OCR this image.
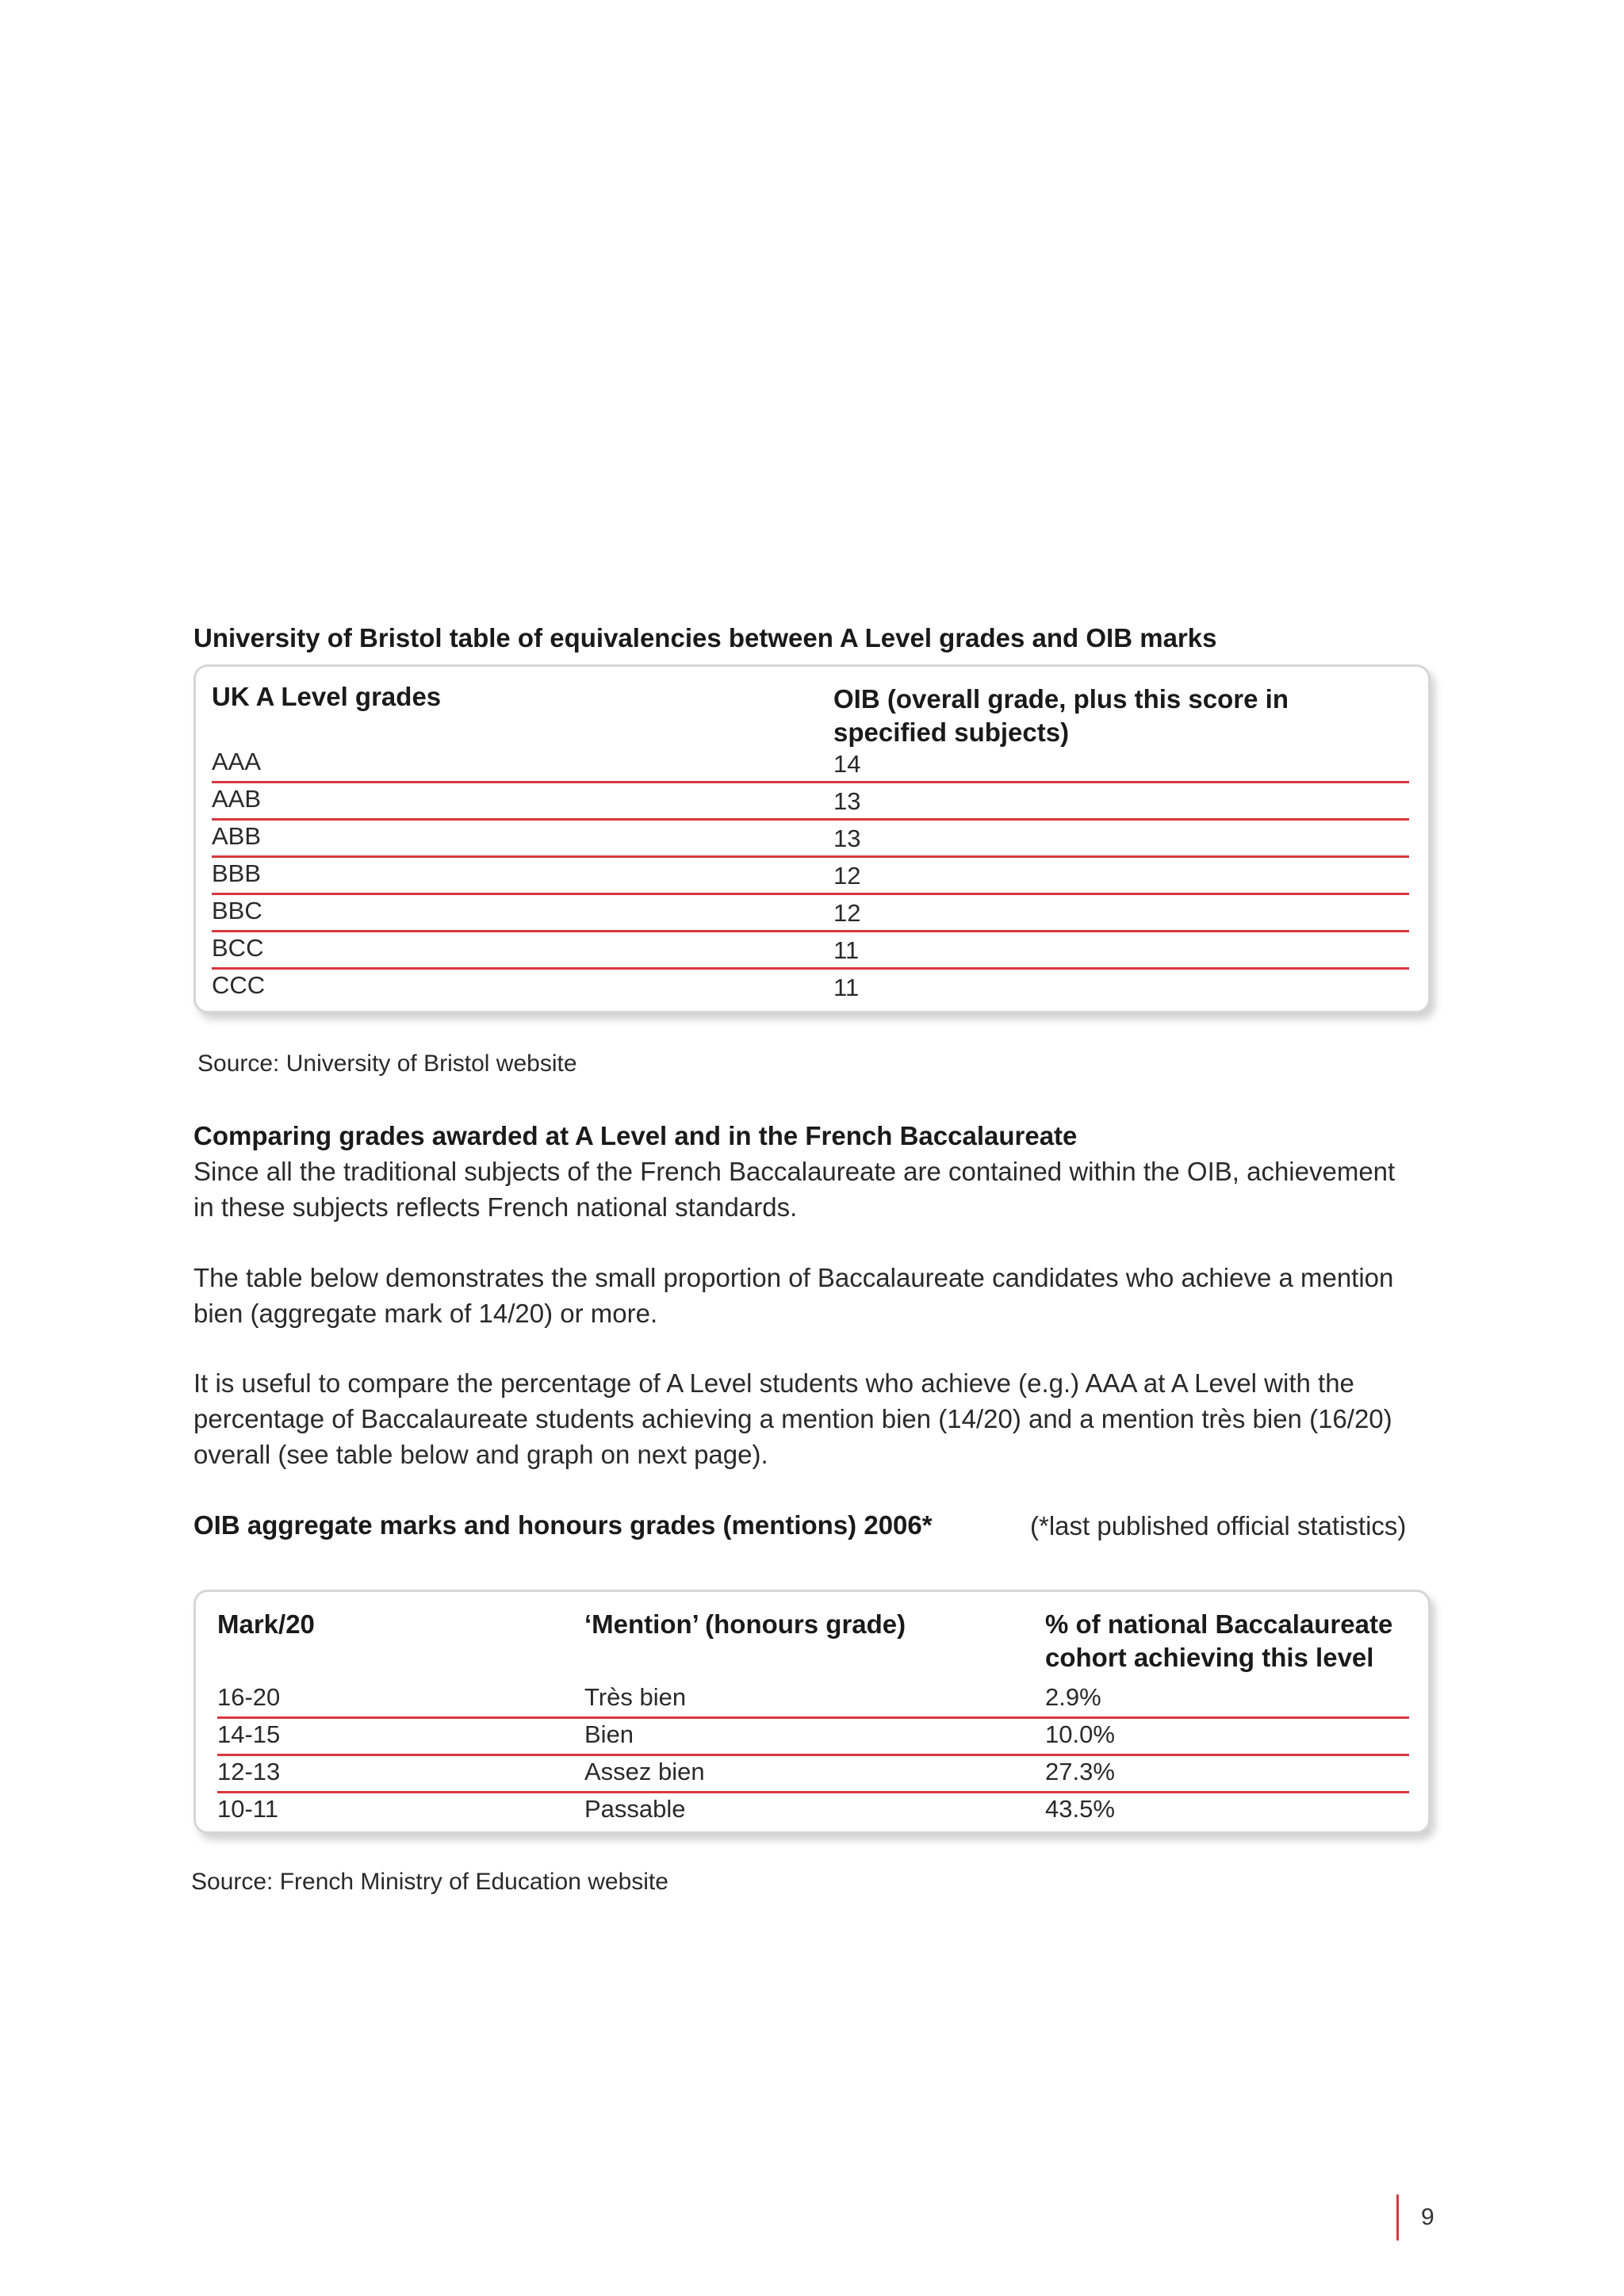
University of Bristol table of equivalencies between A Level grades and OIB marks
UK A Level grades	OIB (overall grade, plus this score in specified subjects)
AAA	14
AAB	13
ABB	13
BBB	12
BBC	12
BCC	11
CCC	11
Source: University of Bristol website
Comparing grades awarded at A Level and in the French Baccalaureate
Since all the traditional subjects of the French Baccalaureate are contained within the OIB, achievement in these subjects reflects French national standards.
The table below demonstrates the small proportion of Baccalaureate candidates who achieve a mention bien (aggregate mark of 14/20) or more.
It is useful to compare the percentage of A Level students who achieve (e.g.) AAA at A Level with the percentage of Baccalaureate students achieving a mention bien (14/20) and a mention très bien (16/20) overall (see table below and graph on next page).
OIB aggregate marks and honours grades (mentions) 2006*	(*last published official statistics)
Mark/20	‘Mention’ (honours grade)	% of national Baccalaureate cohort achieving this level
16-20	Très bien	2.9%
14-15	Bien	10.0%
12-13	Assez bien	27.3%
10-11	Passable	43.5%
Source: French Ministry of Education website
9
